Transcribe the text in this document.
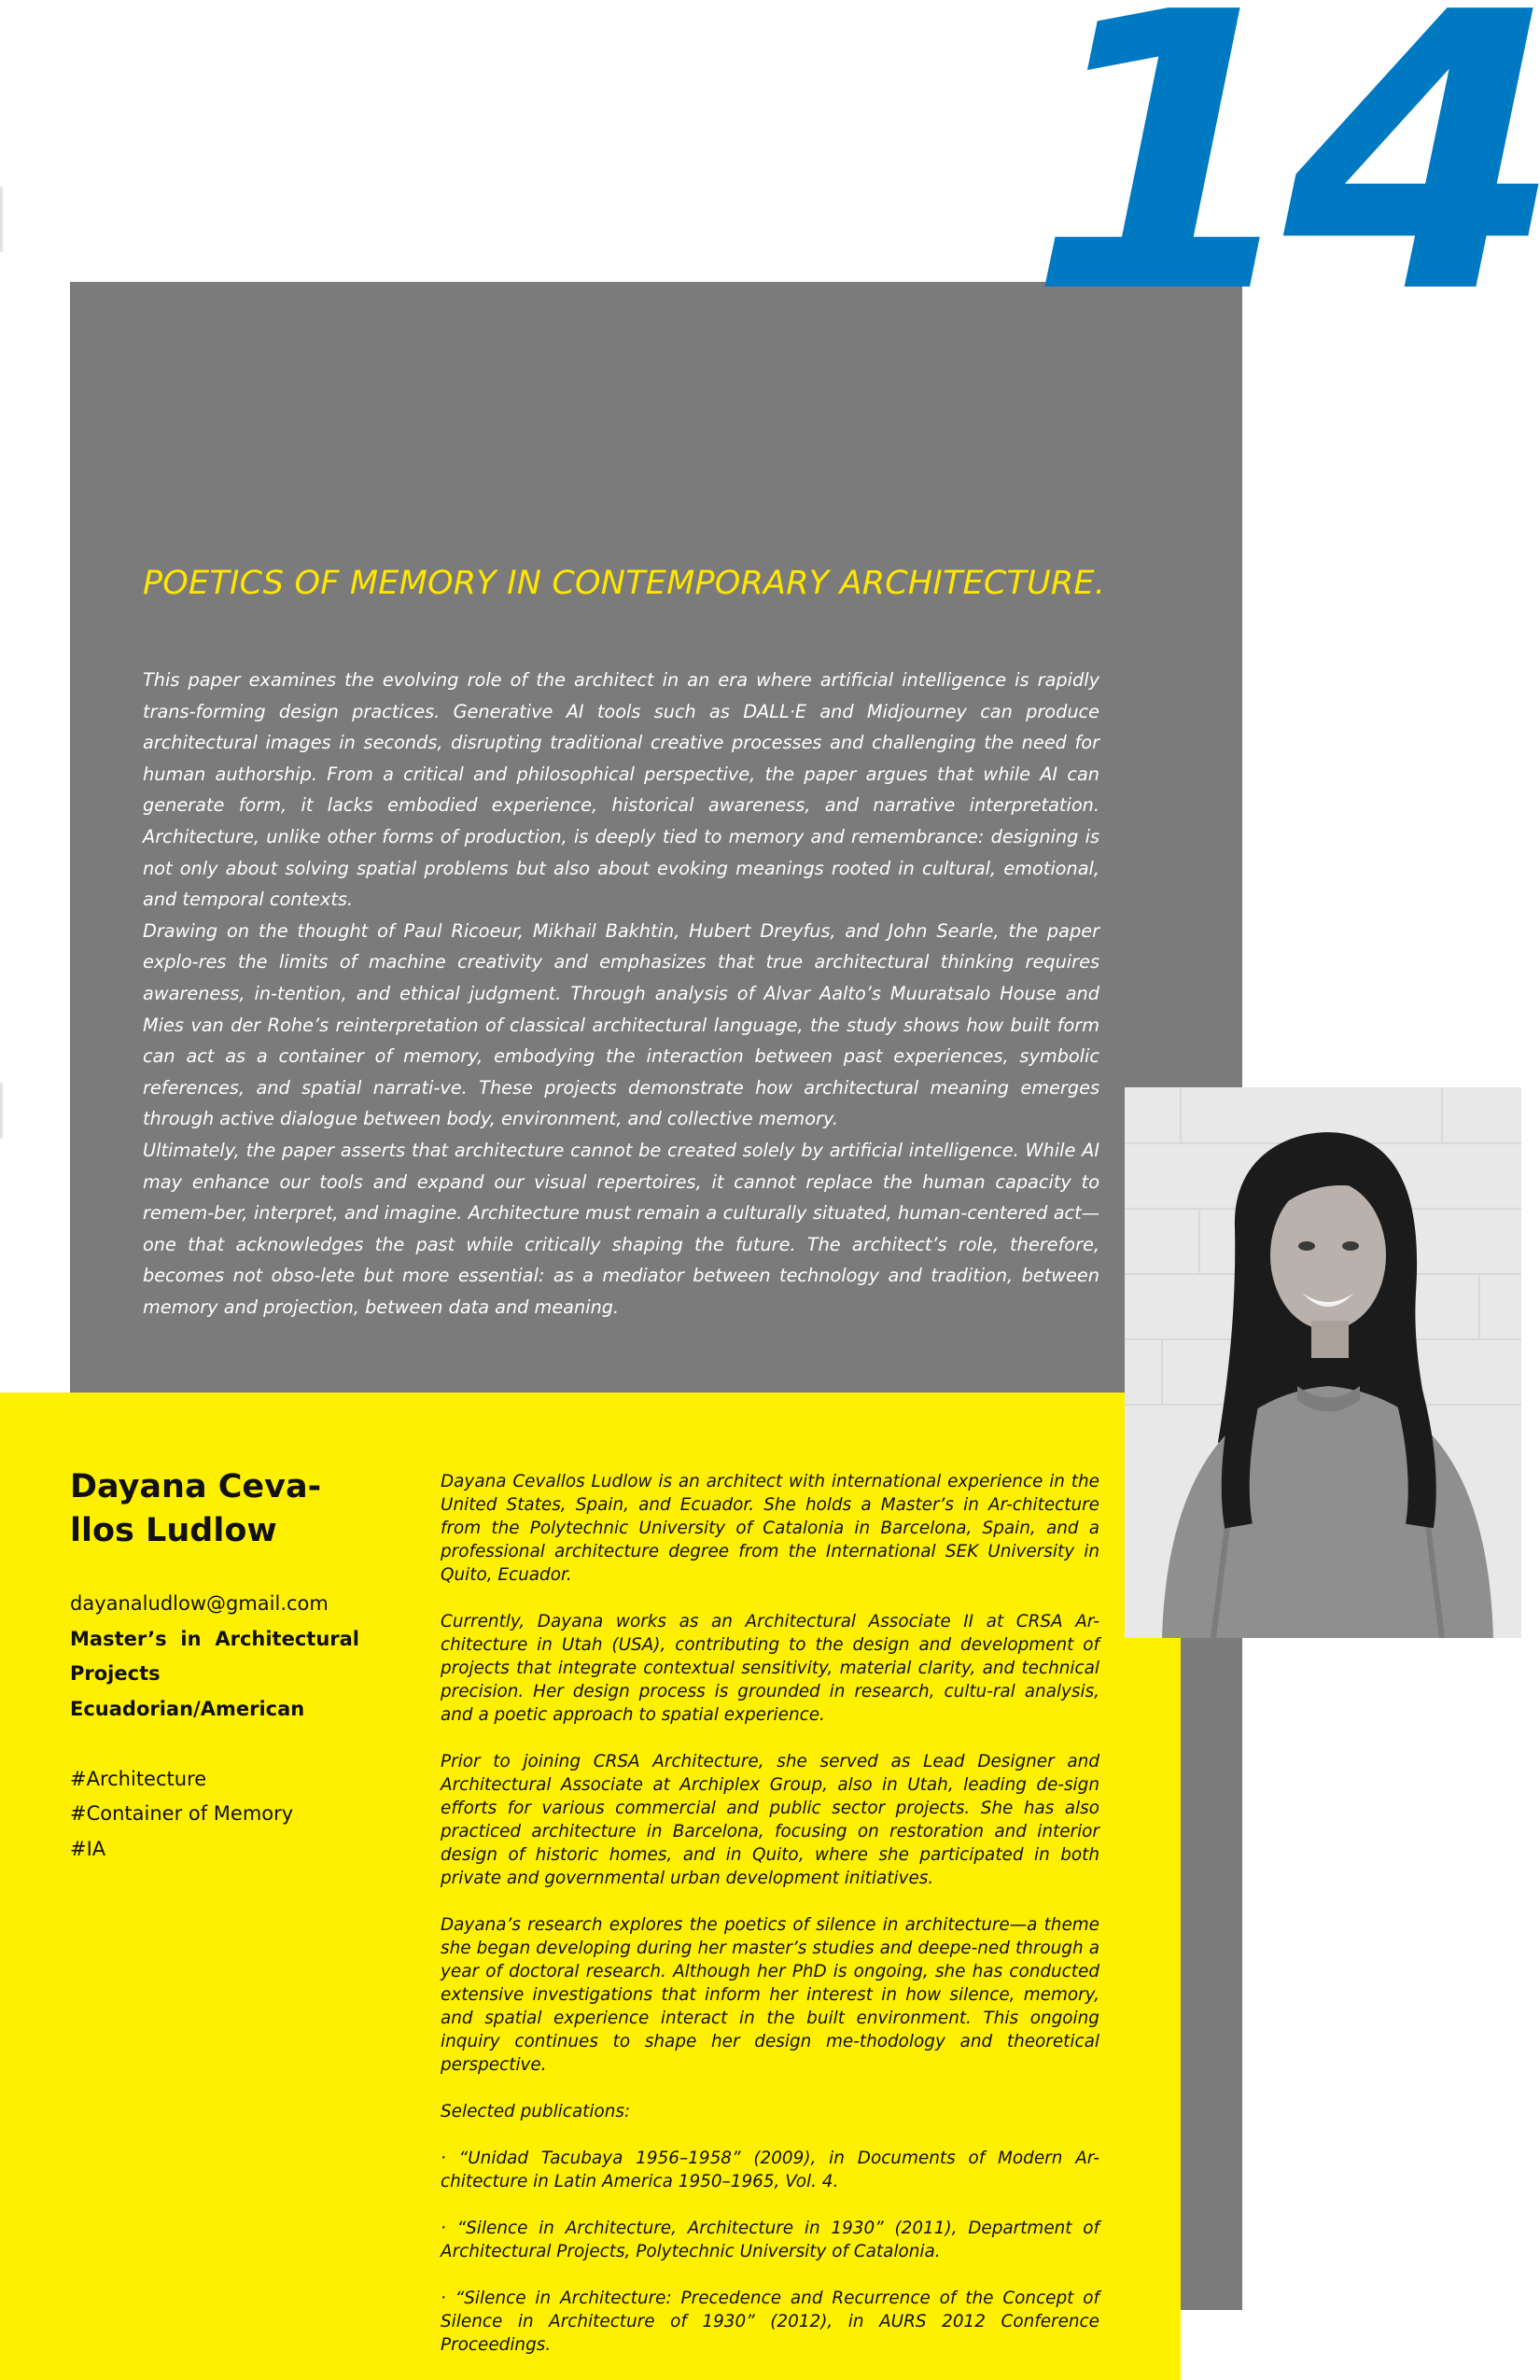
14
POETICS OF MEMORY IN CONTEMPORARY ARCHITECTURE.

This paper examines the evolving role of the architect in an era where artificial intelligence is rapidly trans-forming design practices. Generative AI tools such as DALL·E and Midjourney can produce architectural images in seconds, disrupting traditional creative processes and challenging the need for human authorship. From a critical and philosophical perspective, the paper argues that while AI can generate form, it lacks embodied experience, historical awareness, and narrative interpretation. Architecture, unlike other forms of production, is deeply tied to memory and remembrance: designing is not only about solving spatial problems but also about evoking meanings rooted in cultural, emotional, and temporal contexts.

Drawing on the thought of Paul Ricoeur, Mikhail Bakhtin, Hubert Dreyfus, and John Searle, the paper explo-res the limits of machine creativity and emphasizes that true architectural thinking requires awareness, in-tention, and ethical judgment. Through analysis of Alvar Aalto’s Muuratsalo House and Mies van der Rohe’s reinterpretation of classical architectural language, the study shows how built form can act as a container of memory, embodying the interaction between past experiences, symbolic references, and spatial narrati-ve. These projects demonstrate how architectural meaning emerges through active dialogue between body, environment, and collective memory.

Ultimately, the paper asserts that architecture cannot be created solely by artificial intelligence. While AI may enhance our tools and expand our visual repertoires, it cannot replace the human capacity to remem-ber, interpret, and imagine. Architecture must remain a culturally situated, human-centered act—one that acknowledges the past while critically shaping the future. The architect’s role, therefore, becomes not obso-lete but more essential: as a mediator between technology and tradition, between memory and projection, between data and meaning.

Dayana Ceva-llos Ludlow
dayanaludlow@gmail.com
Master’s in Architectural Projects
Ecuadorian/American
#Architecture
#Container of Memory
#IA

Dayana Cevallos Ludlow is an architect with international experience in the United States, Spain, and Ecuador. She holds a Master’s in Ar-chitecture from the Polytechnic University of Catalonia in Barcelona, Spain, and a professional architecture degree from the International SEK University in Quito, Ecuador.

Currently, Dayana works as an Architectural Associate II at CRSA Ar-chitecture in Utah (USA), contributing to the design and development of projects that integrate contextual sensitivity, material clarity, and technical precision. Her design process is grounded in research, cultu-ral analysis, and a poetic approach to spatial experience.

Prior to joining CRSA Architecture, she served as Lead Designer and Architectural Associate at Archiplex Group, also in Utah, leading de-sign efforts for various commercial and public sector projects. She has also practiced architecture in Barcelona, focusing on restoration and interior design of historic homes, and in Quito, where she participated in both private and governmental urban development initiatives.

Dayana’s research explores the poetics of silence in architecture—a theme she began developing during her master’s studies and deepe-ned through a year of doctoral research. Although her PhD is ongoing, she has conducted extensive investigations that inform her interest in how silence, memory, and spatial experience interact in the built environment. This ongoing inquiry continues to shape her design me-thodology and theoretical perspective.

Selected publications:

· “Unidad Tacubaya 1956–1958” (2009), in Documents of Modern Ar-chitecture in Latin America 1950–1965, Vol. 4.

· “Silence in Architecture, Architecture in 1930” (2011), Department of Architectural Projects, Polytechnic University of Catalonia.

· “Silence in Architecture: Precedence and Recurrence of the Concept of Silence in Architecture of 1930” (2012), in AURS 2012 Conference Proceedings.
